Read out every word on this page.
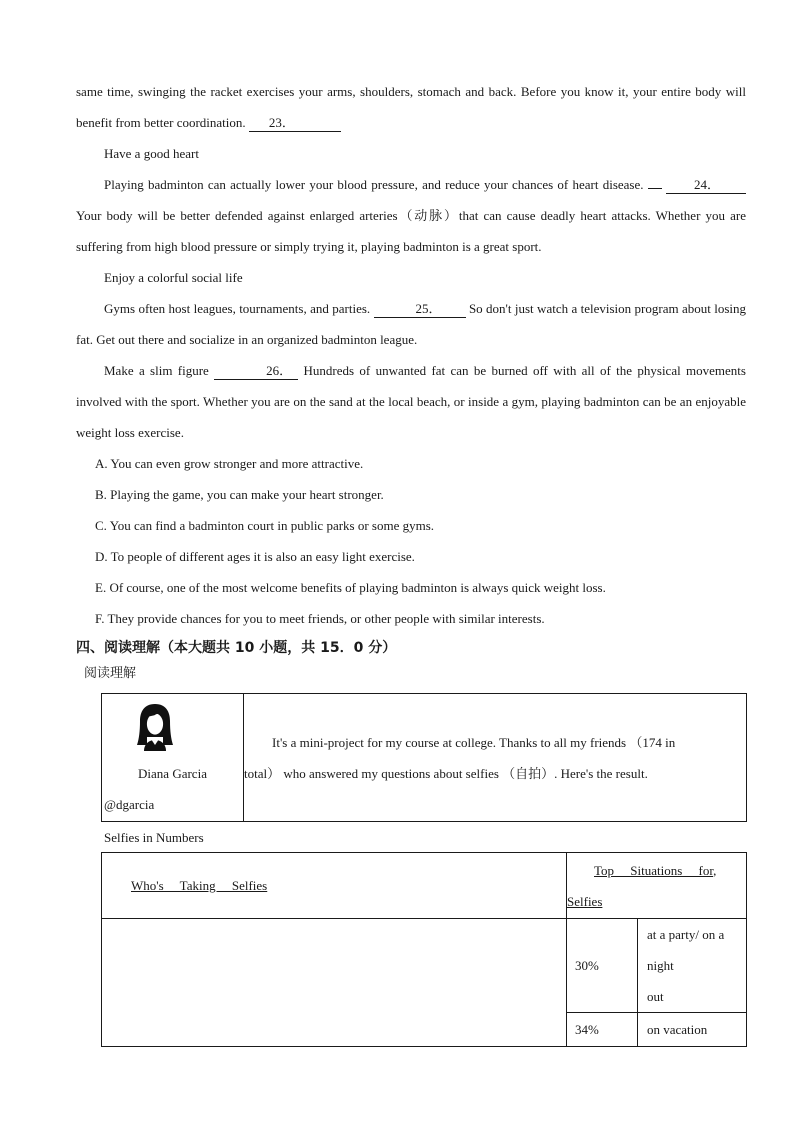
same time, swinging the racket exercises your arms, shoulders, stomach and back. Before you know it, your entire body will benefit from better coordination. 23．

Have a good heart

Playing badminton can actually lower your blood pressure, and reduce your chances of heart disease.	24． Your body will be better defended against enlarged arteries（动脉）that can cause deadly heart attacks. Whether you are suffering from high blood pressure or simply trying it, playing badminton is a great sport.

Enjoy a colorful social life

Gyms often host leagues, tournaments, and parties.	25． So don't just watch a television program about losing fat. Get out there and socialize in an organized badminton league.

Make a slim figure	26． Hundreds of unwanted fat can be burned off with all of the physical movements involved with the sport. Whether you are on the sand at the local beach, or inside a gym, playing badminton can be an enjoyable weight loss exercise.

A. You can even grow stronger and more attractive.

B. Playing the game, you can make your heart stronger.

C. You can find a badminton court in public parks or some gyms.

D. To people of different ages it is also an easy light exercise.

E. Of course, one of the most welcome benefits of playing badminton is always quick weight loss.

F. They provide chances for you to meet friends, or other people with similar interests.

四、阅读理解（本大题共 10 小题，共 15．0 分）
阅读理解
Diana Garcia
@dgarcia

It's a mini-project for my course at college. Thanks to all my friends （174 in

total） who answered my questions about selfies （自拍）. Here's the result.

Selfies in Numbers
Who's     Taking     Selfies	Top     Situations     for,
Selfies	

	30%	at a party/ on a night
out

	34%	on vacation
